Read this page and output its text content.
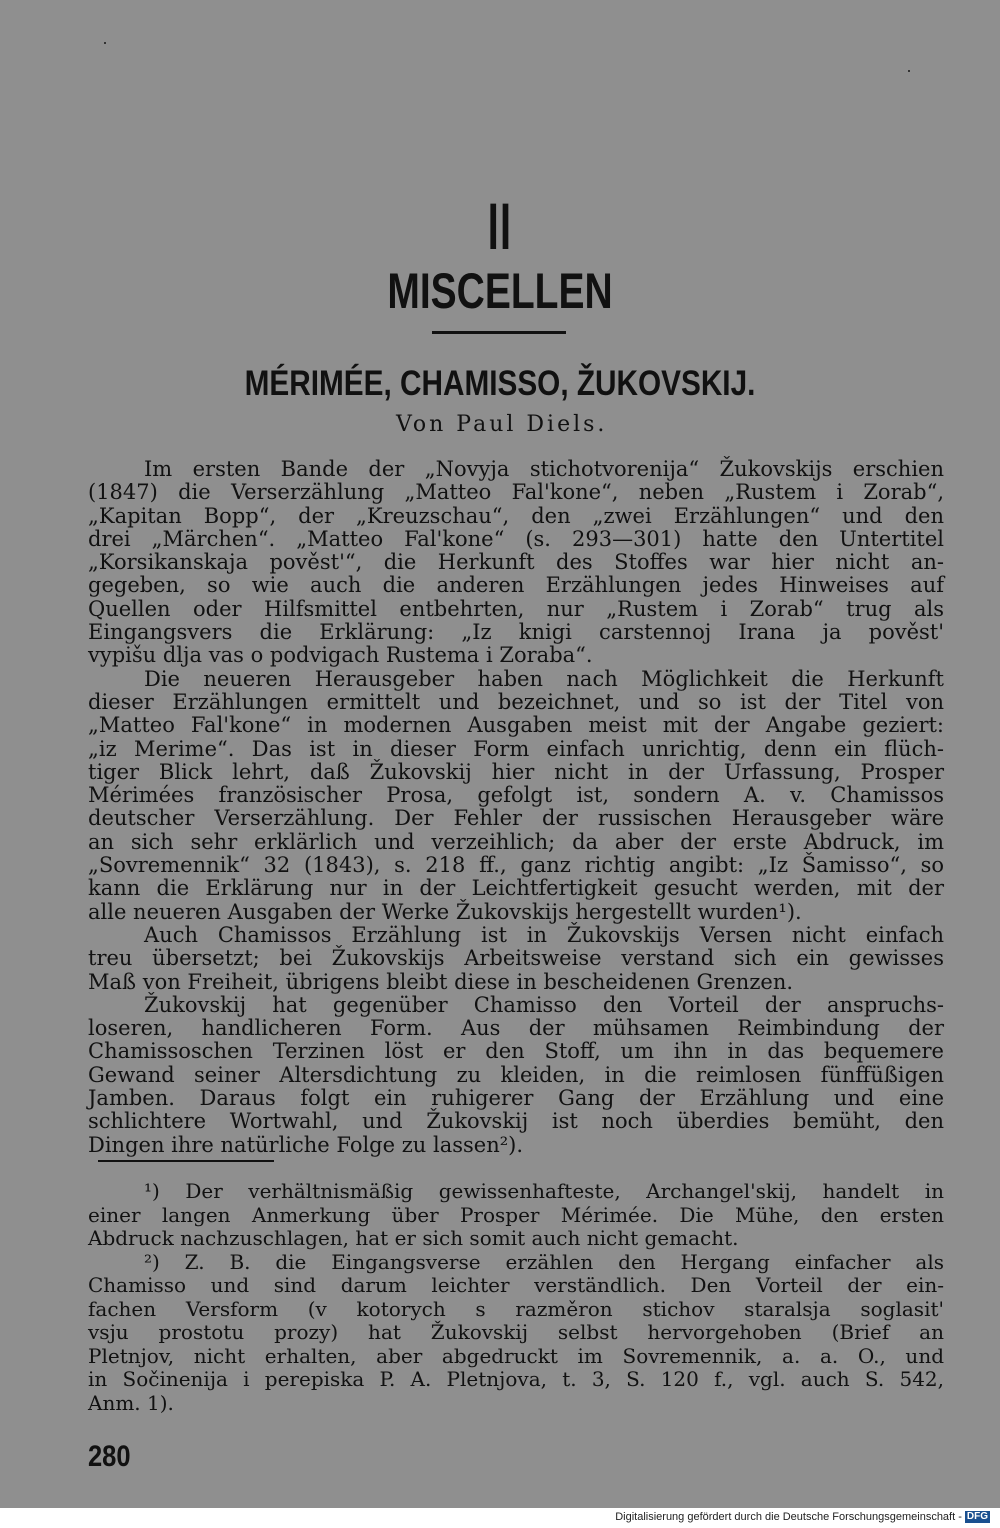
II
MISCELLEN
MÉRIMÉE, CHAMISSO, ŽUKOVSKIJ.
Von Paul Diels.
Im ersten Bande der „Novyja stichotvorenija“ Žukovskijs erschien
(1847) die Verserzählung „Matteo Fal'kone“, neben „Rustem i Zorab“,
„Kapitan Bopp“, der „Kreuzschau“, den „zwei Erzählungen“ und den
drei „Märchen“. „Matteo Fal'kone“ (s. 293—301) hatte den Untertitel
„Korsikanskaja pověst'“, die Herkunft des Stoffes war hier nicht an-
gegeben, so wie auch die anderen Erzählungen jedes Hinweises auf
Quellen oder Hilfsmittel entbehrten, nur „Rustem i Zorab“ trug als
Eingangsvers die Erklärung: „Iz knigi carstennoj Irana ja pověst'
vypišu dlja vas o podvigach Rustema i Zoraba“.
Die neueren Herausgeber haben nach Möglichkeit die Herkunft
dieser Erzählungen ermittelt und bezeichnet, und so ist der Titel von
„Matteo Fal'kone“ in modernen Ausgaben meist mit der Angabe geziert:
„iz Merime“. Das ist in dieser Form einfach unrichtig, denn ein flüch-
tiger Blick lehrt, daß Žukovskij hier nicht in der Urfassung, Prosper
Mérimées französischer Prosa, gefolgt ist, sondern A. v. Chamissos
deutscher Verserzählung. Der Fehler der russischen Herausgeber wäre
an sich sehr erklärlich und verzeihlich; da aber der erste Abdruck, im
„Sovremennik“ 32 (1843), s. 218 ff., ganz richtig angibt: „Iz Šamisso“, so
kann die Erklärung nur in der Leichtfertigkeit gesucht werden, mit der
alle neueren Ausgaben der Werke Žukovskijs hergestellt wurden¹).
Auch Chamissos Erzählung ist in Žukovskijs Versen nicht einfach
treu übersetzt; bei Žukovskijs Arbeitsweise verstand sich ein gewisses
Maß von Freiheit, übrigens bleibt diese in bescheidenen Grenzen.
Žukovskij hat gegenüber Chamisso den Vorteil der anspruchs-
loseren, handlicheren Form. Aus der mühsamen Reimbindung der
Chamissoschen Terzinen löst er den Stoff, um ihn in das bequemere
Gewand seiner Altersdichtung zu kleiden, in die reimlosen fünffüßigen
Jamben. Daraus folgt ein ruhigerer Gang der Erzählung und eine
schlichtere Wortwahl, und Žukovskij ist noch überdies bemüht, den
Dingen ihre natürliche Folge zu lassen²).
¹) Der verhältnismäßig gewissenhafteste, Archangel'skij, handelt in
einer langen Anmerkung über Prosper Mérimée. Die Mühe, den ersten
Abdruck nachzuschlagen, hat er sich somit auch nicht gemacht.
²) Z. B. die Eingangsverse erzählen den Hergang einfacher als
Chamisso und sind darum leichter verständlich. Den Vorteil der ein-
fachen Versform (v kotorych s razměron stichov staralsja soglasit'
vsju prostotu prozy) hat Žukovskij selbst hervorgehoben (Brief an
Pletnjov, nicht erhalten, aber abgedruckt im Sovremennik, a. a. O., und
in Sočinenija i perepiska P. A. Pletnjova, t. 3, S. 120 f., vgl. auch S. 542,
Anm. 1).
280
Digitalisierung gefördert durch die Deutsche Forschungsgemeinschaft - DFG
